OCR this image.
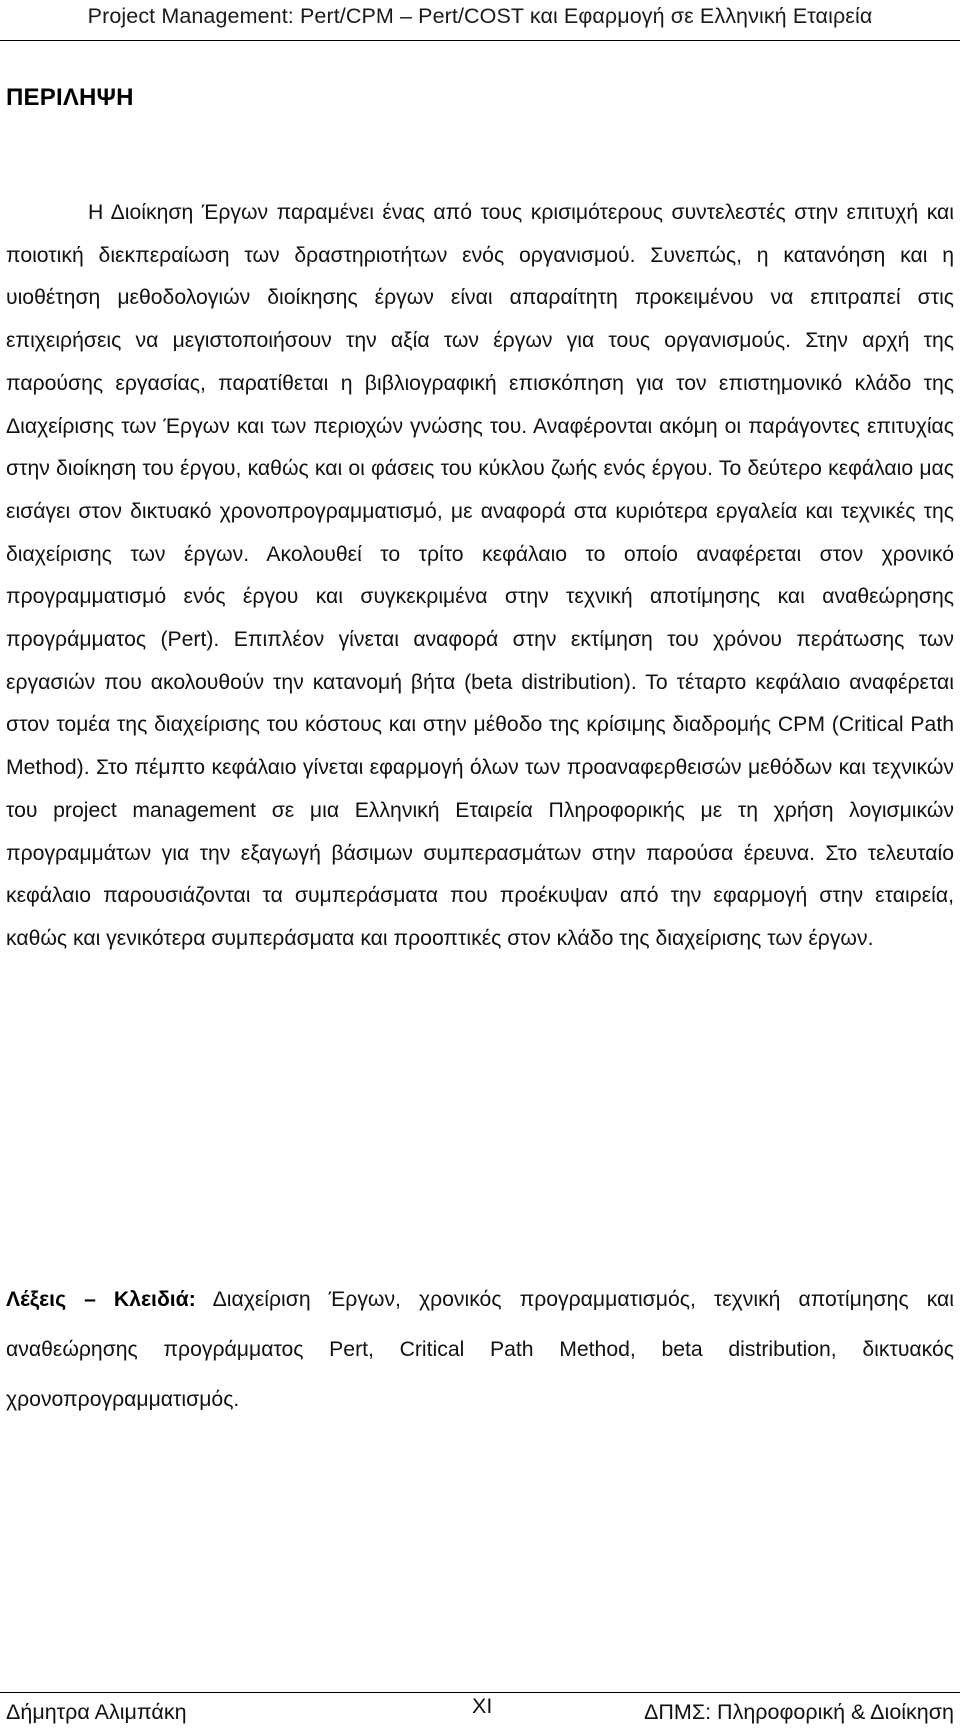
Project Management: Pert/CPM – Pert/COST και Εφαρμογή σε Ελληνική Εταιρεία
ΠΕΡΙΛΗΨΗ

Η Διοίκηση Έργων παραμένει ένας από τους κρισιμότερους συντελεστές στην επιτυχή και ποιοτική διεκπεραίωση των δραστηριοτήτων ενός οργανισμού. Συνεπώς, η κατανόηση και η υιοθέτηση μεθοδολογιών διοίκησης έργων είναι απαραίτητη προκειμένου να επιτραπεί στις επιχειρήσεις να μεγιστοποιήσουν την αξία των έργων για τους οργανισμούς. Στην αρχή της παρούσης εργασίας, παρατίθεται η βιβλιογραφική επισκόπηση για τον επιστημονικό κλάδο της Διαχείρισης των Έργων και των περιοχών γνώσης του. Αναφέρονται ακόμη οι παράγοντες επιτυχίας στην διοίκηση του έργου, καθώς και οι φάσεις του κύκλου ζωής ενός έργου. Το δεύτερο κεφάλαιο μας εισάγει στον δικτυακό χρονοπρογραμματισμό, με αναφορά στα κυριότερα εργαλεία και τεχνικές της διαχείρισης των έργων. Ακολουθεί το τρίτο κεφάλαιο το οποίο αναφέρεται στον χρονικό προγραμματισμό ενός έργου και συγκεκριμένα στην τεχνική αποτίμησης και αναθεώρησης προγράμματος (Pert). Επιπλέον γίνεται αναφορά στην εκτίμηση του χρόνου περάτωσης των εργασιών που ακολουθούν την κατανομή βήτα (beta distribution). Το τέταρτο κεφάλαιο αναφέρεται στον τομέα της διαχείρισης του κόστους και στην μέθοδο της κρίσιμης διαδρομής CPM (Critical Path Method). Στο πέμπτο κεφάλαιο γίνεται εφαρμογή όλων των προαναφερθεισών μεθόδων και τεχνικών του project management σε μια Ελληνική Εταιρεία Πληροφορικής με τη χρήση λογισμικών προγραμμάτων για την εξαγωγή βάσιμων συμπερασμάτων στην παρούσα έρευνα. Στο τελευταίο κεφάλαιο παρουσιάζονται τα συμπεράσματα που προέκυψαν από την εφαρμογή στην εταιρεία, καθώς και γενικότερα συμπεράσματα και προοπτικές στον κλάδο της διαχείρισης των έργων.

Λέξεις – Κλειδιά: Διαχείριση Έργων, χρονικός προγραμματισμός, τεχνική αποτίμησης και αναθεώρησης προγράμματος Pert, Critical Path Method, beta distribution, δικτυακός χρονοπρογραμματισμός.

Δήμητρα Αλιμπάκη	XI	ΔΠΜΣ: Πληροφορική & Διοίκηση
